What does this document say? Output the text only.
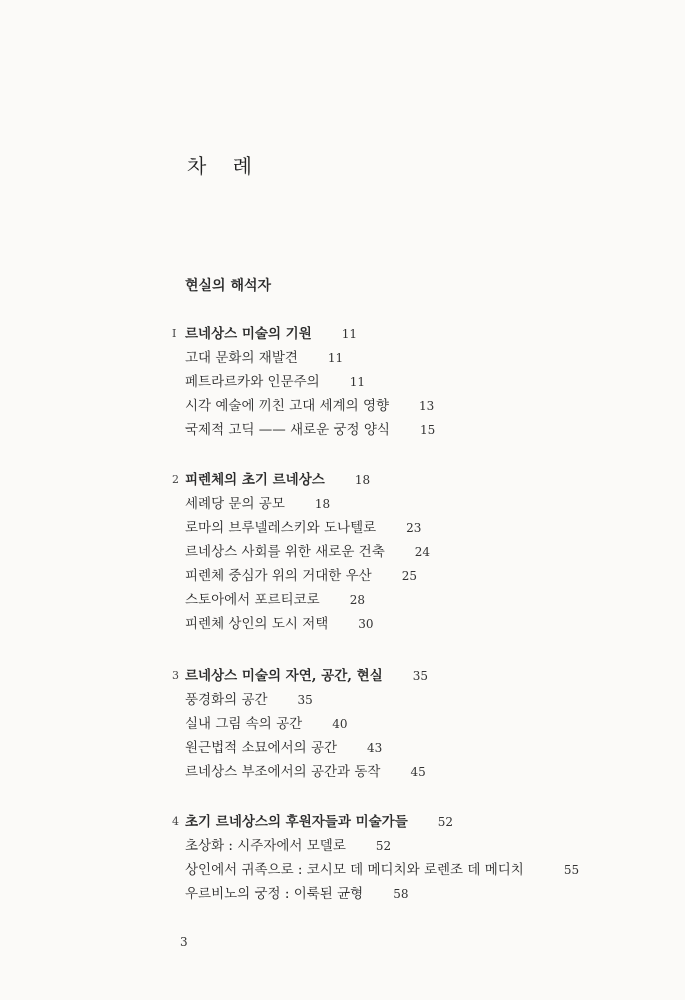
차 례
현실의 해석자
I 르네상스 미술의 기원	11
고대 문화의 재발견	11
페트라르카와 인문주의	11
시각 예술에 끼친 고대 세계의 영향	13
국제적 고딕 —— 새로운 궁정 양식	15
2 피렌체의 초기 르네상스	18
세례당 문의 공모	18
로마의 브루넬레스키와 도나텔로	23
르네상스 사회를 위한 새로운 건축	24
피렌체 중심가 위의 거대한 우산	25
스토아에서 포르티코로	28
피렌체 상인의 도시 저택	30
3 르네상스 미술의 자연, 공간, 현실	35
풍경화의 공간	35
실내 그림 속의 공간	40
원근법적 소묘에서의 공간	43
르네상스 부조에서의 공간과 동작	45
4 초기 르네상스의 후원자들과 미술가들	52
초상화 : 시주자에서 모델로	52
상인에서 귀족으로 : 코시모 데 메디치와 로렌조 데 메디치	55
우르비노의 궁정 : 이룩된 균형	58
3
